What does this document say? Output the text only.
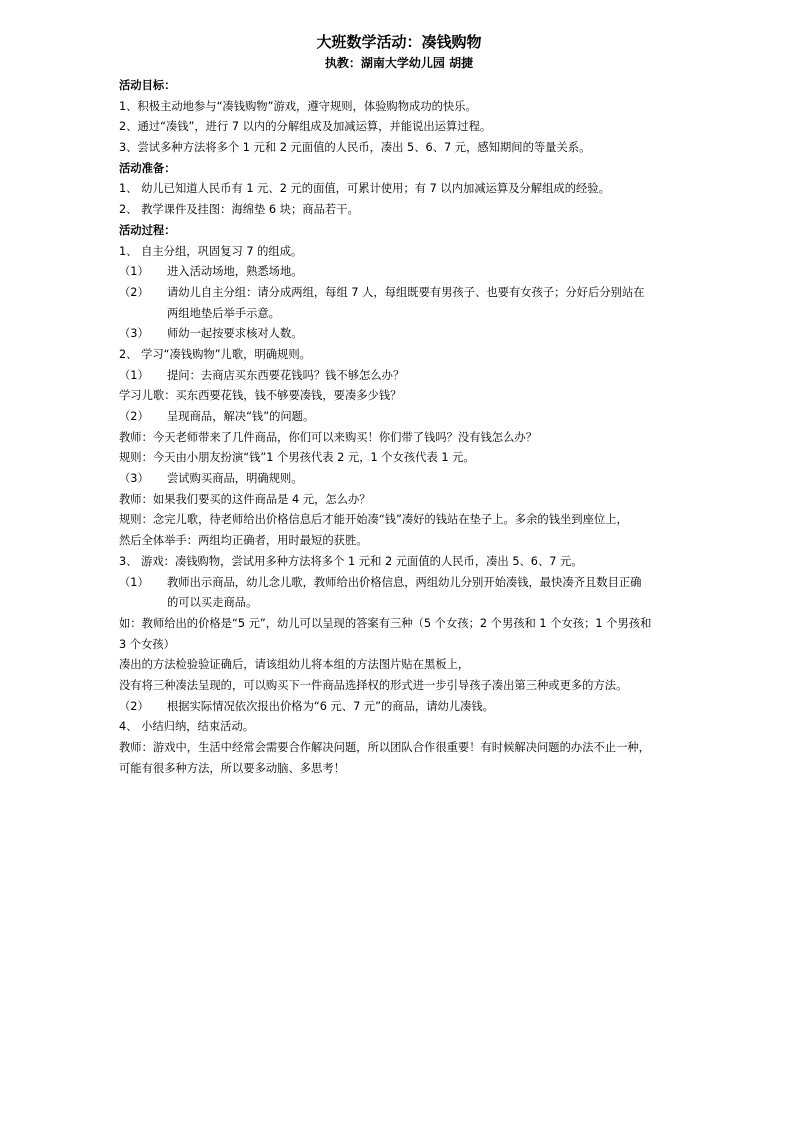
大班数学活动：凑钱购物
执教：湖南大学幼儿园 胡捷
活动目标：
1、积极主动地参与“凑钱购物”游戏，遵守规则，体验购物成功的快乐。
2、通过“凑钱”，进行 7 以内的分解组成及加减运算，并能说出运算过程。
3、尝试多种方法将多个 1 元和 2 元面值的人民币，凑出 5、6、7 元，感知期间的等量关系。
活动准备：
1、 幼儿已知道人民币有 1 元、2 元的面值，可累计使用；有 7 以内加减运算及分解组成的经验。
2、 教学课件及挂图：海绵垫 6 块；商品若干。
活动过程：
1、 自主分组，巩固复习 7 的组成。
（1） 进入活动场地，熟悉场地。
（2） 请幼儿自主分组：请分成两组，每组 7 人，每组既要有男孩子、也要有女孩子；分好后分别站在
两组地垫后举手示意。
（3） 师幼一起按要求核对人数。
2、 学习“凑钱购物”儿歌，明确规则。
（1） 提问：去商店买东西要花钱吗？钱不够怎么办？
学习儿歌：买东西要花钱，钱不够要凑钱，要凑多少钱？
（2） 呈现商品，解决“钱”的问题。
教师：今天老师带来了几件商品，你们可以来购买！你们带了钱吗？没有钱怎么办？
规则：今天由小朋友扮演“钱”1 个男孩代表 2 元，1 个女孩代表 1 元。
（3） 尝试购买商品，明确规则。
教师：如果我们要买的这件商品是 4 元，怎么办？
规则：念完儿歌，待老师给出价格信息后才能开始凑“钱”凑好的钱站在垫子上。多余的钱坐到座位上，
然后全体举手：两组均正确者，用时最短的获胜。
3、 游戏：凑钱购物，尝试用多种方法将多个 1 元和 2 元面值的人民币，凑出 5、6、7 元。
（1） 教师出示商品，幼儿念儿歌，教师给出价格信息，两组幼儿分别开始凑钱，最快凑齐且数目正确
的可以买走商品。
如：教师给出的价格是“5 元”，幼儿可以呈现的答案有三种（5 个女孩；2 个男孩和 1 个女孩；1 个男孩和
3 个女孩）
凑出的方法检验验证确后，请该组幼儿将本组的方法图片贴在黑板上，
没有将三种凑法呈现的，可以购买下一件商品选择权的形式进一步引导孩子凑出第三种或更多的方法。
（2） 根据实际情况依次报出价格为“6 元、7 元”的商品，请幼儿凑钱。
4、 小结归纳，结束活动。
教师：游戏中，生活中经常会需要合作解决问题，所以团队合作很重要！有时候解决问题的办法不止一种，
可能有很多种方法，所以要多动脑、多思考！
